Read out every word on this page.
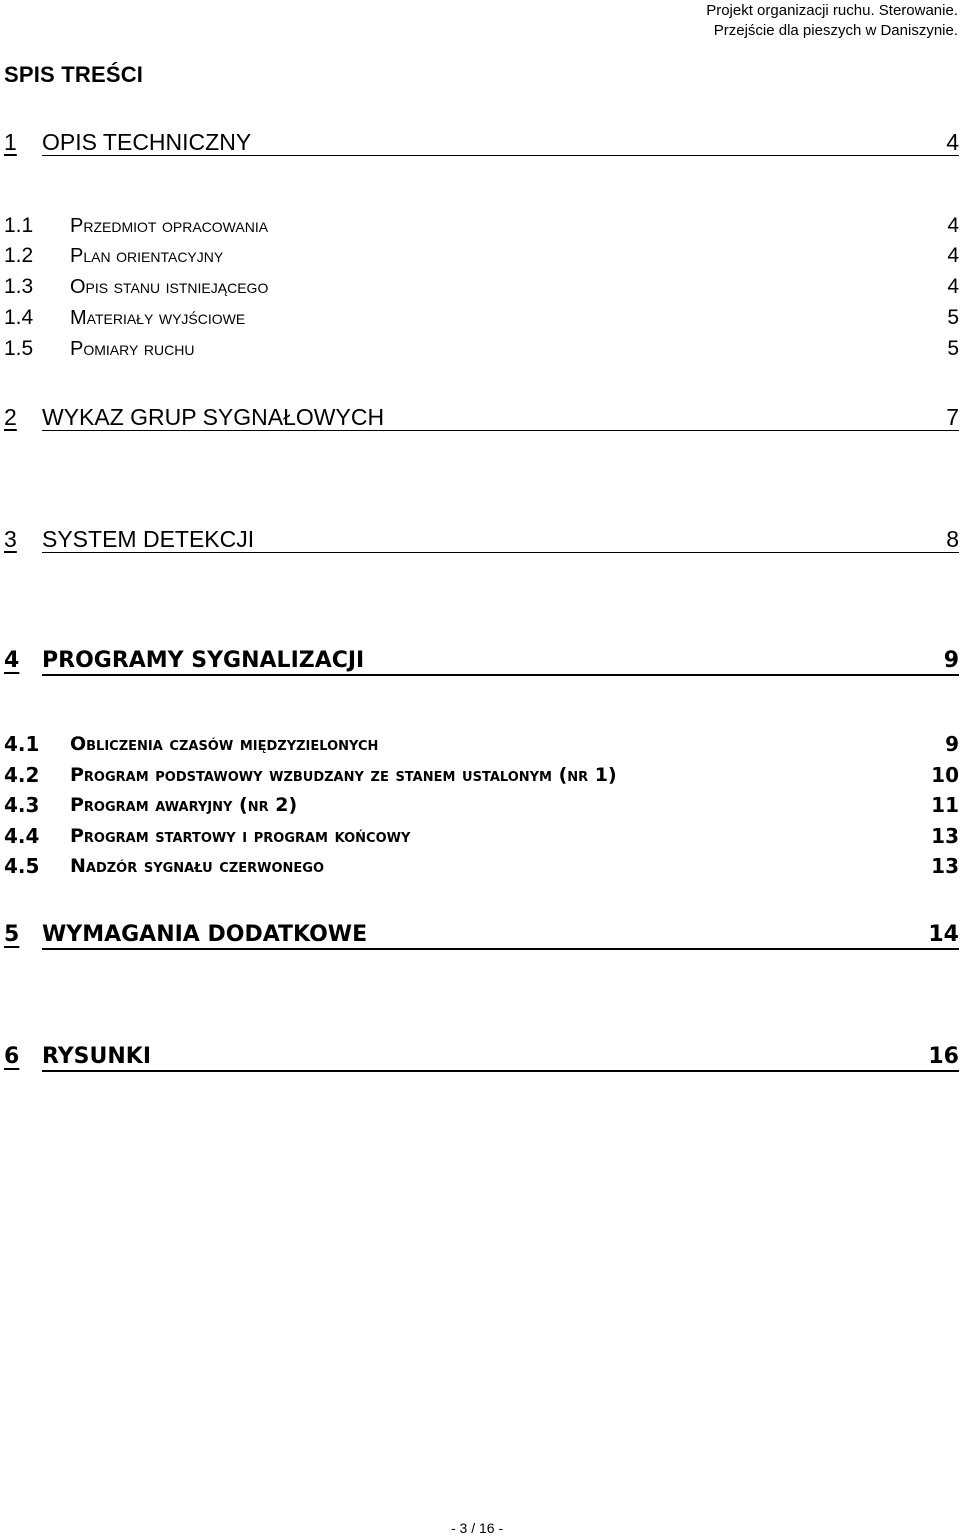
Projekt organizacji ruchu. Sterowanie.
Przejście dla pieszych w Daniszynie.
SPIS TREŚCI
1 OPIS TECHNICZNY	4
1.1 Przedmiot opracowania	4
1.2 Plan orientacyjny	4
1.3 Opis stanu istniejącego	4
1.4 Materiały wyjściowe	5
1.5 Pomiary ruchu	5
2 WYKAZ GRUP SYGNAŁOWYCH	7
3 SYSTEM DETEKCJI	8
4 PROGRAMY SYGNALIZACJI	9
4.1 Obliczenia czasów międzyzielonych	9
4.2 Program podstawowy wzbudzany ze stanem ustalonym (nr 1)	10
4.3 Program awaryjny (nr 2)	11
4.4 Program startowy i program końcowy	13
4.5 Nadzór sygnału czerwonego	13
5 WYMAGANIA DODATKOWE	14
6 RYSUNKI	16
- 3 / 16 -
